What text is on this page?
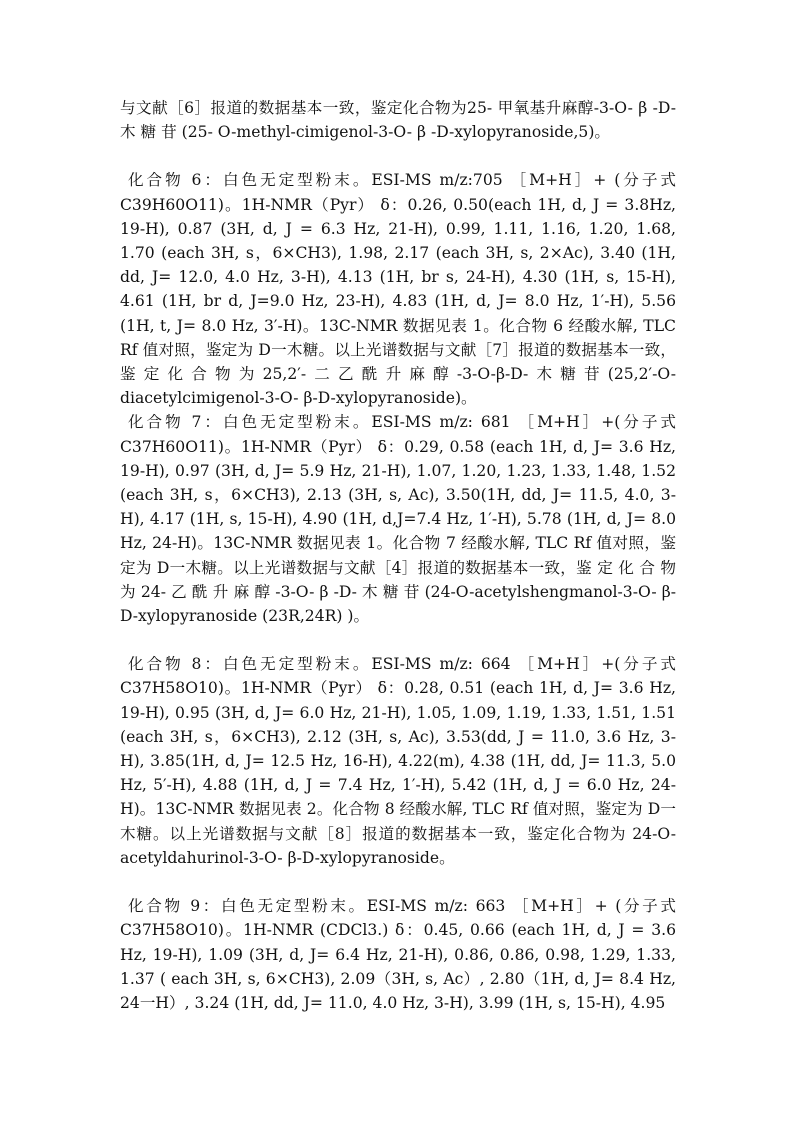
与文献［6］报道的数据基本一致，鉴定化合物为25- 甲氧基升麻醇-3-O- β -D- 木 糖 苷 (25- O-methyl-cimigenol-3-O- β -D-xylopyranoside,5)。

化合物 6：白色无定型粉末。ESI-MS m/z:705 ［M+H］+ (分子式C39H60O11)。1H-NMR（Pyr） δ：0.26, 0.50(each 1H, d, J = 3.8Hz, 19-H), 0.87 (3H, d, J = 6.3 Hz, 21-H), 0.99, 1.11, 1.16, 1.20, 1.68, 1.70 (each 3H, s，6×CH3), 1.98, 2.17 (each 3H, s, 2×Ac), 3.40 (1H, dd, J= 12.0, 4.0 Hz, 3-H), 4.13 (1H, br s, 24-H), 4.30 (1H, s, 15-H), 4.61 (1H, br d, J=9.0 Hz, 23-H), 4.83 (1H, d, J= 8.0 Hz, 1′-H), 5.56 (1H, t, J= 8.0 Hz, 3′-H)。13C-NMR 数据见表 1。化合物 6 经酸水解, TLC Rf 值对照，鉴定为 D一木糖。以上光谱数据与文献［7］报道的数据基本一致，鉴定化合物为25,2′-二乙酰升麻醇-3-O-β-D-木糖苷(25,2′-O-diacetylcimigenol-3-O- β-D-xylopyranoside)。

化合物 7：白色无定型粉末。ESI-MS m/z: 681 ［M+H］+(分子式C37H60O11)。1H-NMR（Pyr） δ：0.29, 0.58 (each 1H, d, J= 3.6 Hz, 19-H), 0.97 (3H, d, J= 5.9 Hz, 21-H), 1.07, 1.20, 1.23, 1.33, 1.48, 1.52 (each 3H, s，6×CH3), 2.13 (3H, s, Ac), 3.50(1H, dd, J= 11.5, 4.0, 3-H), 4.17 (1H, s, 15-H), 4.90 (1H, d,J=7.4 Hz, 1′-H), 5.78 (1H, d, J= 8.0 Hz, 24-H)。13C-NMR 数据见表 1。化合物 7 经酸水解, TLC Rf 值对照，鉴定为 D一木糖。以上光谱数据与文献［4］报道的数据基本一致，鉴 定 化 合 物 为 24- 乙 酰 升 麻 醇 -3-O- β -D- 木 糖 苷 (24-O-acetylshengmanol-3-O- β-D-xylopyranoside (23R,24R) )。

化合物 8：白色无定型粉末。ESI-MS m/z: 664 ［M+H］+(分子式C37H58O10)。1H-NMR（Pyr） δ：0.28, 0.51 (each 1H, d, J= 3.6 Hz, 19-H), 0.95 (3H, d, J= 6.0 Hz, 21-H), 1.05, 1.09, 1.19, 1.33, 1.51, 1.51 (each 3H, s，6×CH3), 2.12 (3H, s, Ac), 3.53(dd, J = 11.0, 3.6 Hz, 3-H), 3.85(1H, d, J= 12.5 Hz, 16-H), 4.22(m), 4.38 (1H, dd, J= 11.3, 5.0 Hz, 5′-H), 4.88 (1H, d, J = 7.4 Hz, 1′-H), 5.42 (1H, d, J = 6.0 Hz, 24-H)。13C-NMR 数据见表 2。化合物 8 经酸水解, TLC Rf 值对照，鉴定为 D一木糖。以上光谱数据与文献［8］报道的数据基本一致，鉴定化合物为 24-O-acetyldahurinol-3-O- β-D-xylopyranoside。

化合物 9：白色无定型粉末。ESI-MS m/z: 663 ［M+H］+ (分子式C37H58O10)。1H-NMR (CDCl3.) δ：0.45, 0.66 (each 1H, d, J = 3.6 Hz, 19-H), 1.09 (3H, d, J= 6.4 Hz, 21-H), 0.86, 0.86, 0.98, 1.29, 1.33, 1.37 ( each 3H, s, 6×CH3), 2.09（3H, s, Ac）, 2.80（1H, d, J= 8.4 Hz, 24一H）, 3.24 (1H, dd, J= 11.0, 4.0 Hz, 3-H), 3.99 (1H, s, 15-H), 4.95
